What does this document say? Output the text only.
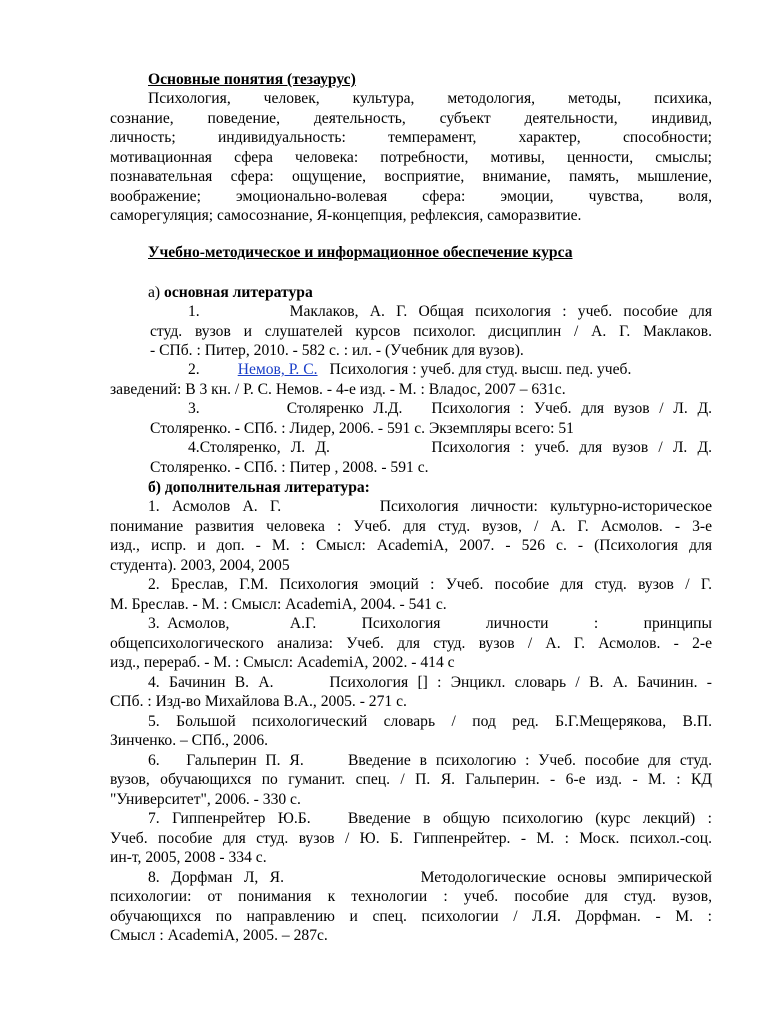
Основные понятия (тезаурус)

Психология, человек, культура, методология, методы, психика,

сознание, поведение, деятельность, субъект деятельности, индивид,

личность; индивидуальность: темперамент, характер, способности;

мотивационная сфера человека: потребности, мотивы, ценности, смыслы;

познавательная сфера: ощущение, восприятие, внимание, память, мышление,

воображение; эмоционально-волевая сфера: эмоции, чувства, воля,

саморегуляция; самосознание, Я-концепция, рефлексия, саморазвитие.

Учебно-методическое и информационное обеспечение курса
а) основная литература

1.        Маклаков, А. Г. Общая психология : учеб. пособие для

студ. вузов и слушателей курсов психолог. дисциплин / А. Г. Маклаков.

- СПб. : Питер, 2010. - 582 с. : ил. - (Учебник для вузов).

2. Немов, Р. С. Психология : учеб. для студ. высш. пед. учеб.

заведений: В 3 кн. / Р. С. Немов. - 4-е изд. - М. : Владос, 2007 – 631с.

3.         Столяренко Л.Д.   Психология : Учеб. для вузов / Л. Д.

Столяренко. - СПб. : Лидер, 2006. - 591 с. Экземпляры всего: 51

4.Столяренко, Л. Д.          Психология : учеб. для вузов / Л. Д.

Столяренко. - СПб. : Питер , 2008. - 591 с.

б) дополнительная литература:

1. Асмолов А. Г.        Психология личности: культурно-историческое

понимание развития человека : Учеб. для студ. вузов, / А. Г. Асмолов. - 3-е

изд., испр. и доп. - М. : Смысл: AcademiA, 2007. - 526 с. - (Психология для

студента). 2003, 2004, 2005

2. Бреслав, Г.М. Психология эмоций : Учеб. пособие для студ. вузов / Г.

М. Бреслав. - М. : Смысл: AcademiA, 2004. - 541 с.

3. Асмолов,        А.Г.      Психология      личности      :      принципы

общепсихологического анализа: Учеб. для студ. вузов / А. Г. Асмолов. - 2-е

изд., перераб. - М. : Смысл: AcademiA, 2002. - 414 с

4. Бачинин В. А.      Психология [] : Энцикл. словарь / В. А. Бачинин. -

СПб. : Изд-во Михайлова В.А., 2005. - 271 с.

5. Большой психологический словарь / под ред. Б.Г.Мещерякова, В.П.

Зинченко. – СПб., 2006.

6.   Гальперин П. Я.     Введение в психологию : Учеб. пособие для студ.

вузов, обучающихся по гуманит. спец. / П. Я. Гальперин. - 6-е изд. - М. : КД

"Университет", 2006. - 330 с.

7. Гиппенрейтер Ю.Б.   Введение в общую психологию (курс лекций) :

Учеб. пособие для студ. вузов / Ю. Б. Гиппенрейтер. - М. : Моск. психол.-соц.

ин-т, 2005, 2008 - 334 с.

8. Дорфман Л, Я.            Методологические основы эмпирической

психологии: от понимания к технологии : учеб. пособие для студ. вузов,

обучающихся по направлению и спец. психологии / Л.Я. Дорфман. - М. :

Смысл : AcademiA, 2005. – 287с.
